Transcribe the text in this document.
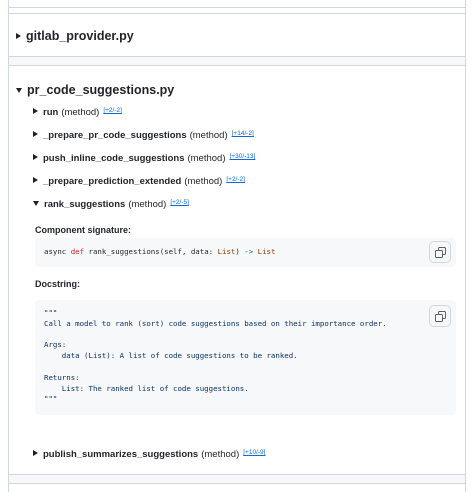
gitlab_provider.py
pr_code_suggestions.py
run (method) [+2/-2]
_prepare_pr_code_suggestions (method) [+14/-2]
push_inline_code_suggestions (method) [+30/-13]
_prepare_prediction_extended (method) [+2/-2]
rank_suggestions (method) [+2/-5]
Component signature:
async def rank_suggestions(self, data: List) -> List
Docstring:
"""
Call a model to rank (sort) code suggestions based on their importance order.

Args:
data (List): A list of code suggestions to be ranked.

Returns:
List: The ranked list of code suggestions.
"""
publish_summarizes_suggestions (method) [+10/-9]
